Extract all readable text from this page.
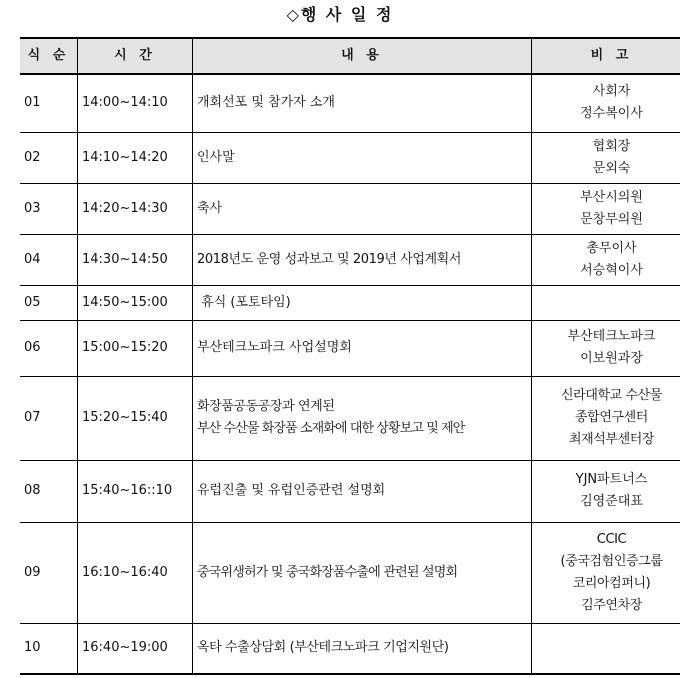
◇행 사 일 정
식 순	시 간	내 용	비 고
01	14:00~14:10	개회선포 및 참가자 소개	사회자
정수복이사

02	14:10~14:20	인사말	협회장
문외숙

03	14:20~14:30	축사	부산시의원
문창무의원

04	14:30~14:50	2018년도 운영 성과보고 및 2019년 사업계획서	총무이사
서승혁이사

05	14:50~15:00	휴식 (포토타임)	

06	15:00~15:20	부산테크노파크 사업설명회	부산테크노파크
이보원과장

07	15:20~15:40	화장품공동공장과 연계된
부산 수산물 화장품 소재화에 대한 상황보고 및 제안	신라대학교 수산물
종합연구센터
최재석부센터장

08	15:40~16::10	유럽진출 및 유럽인증관련 설명회	YJN파트너스
김영준대표

09	16:10~16:40	중국위생허가 및 중국화장품수출에 관련된 설명회	CCIC
(중국검험인증그룹
코리아컴퍼니)
김주연차장

10	16:40~19:00	옥타 수출상담회 (부산테크노파크 기업지원단)	
